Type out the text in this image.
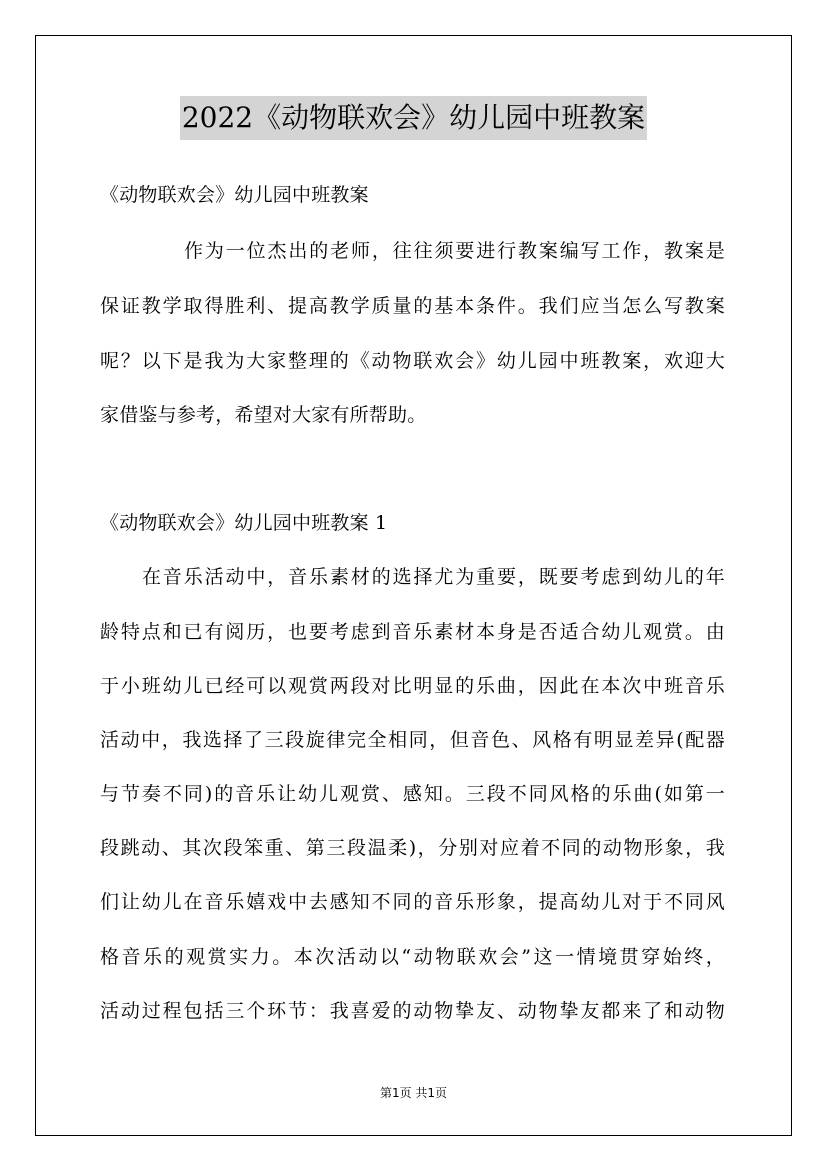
2022《动物联欢会》幼儿园中班教案
《动物联欢会》幼儿园中班教案
作为一位杰出的老师，往往须要进行教案编写工作，教案是
保证教学取得胜利、提高教学质量的基本条件。我们应当怎么写教案
呢？以下是我为大家整理的《动物联欢会》幼儿园中班教案，欢迎大
家借鉴与参考，希望对大家有所帮助。
《动物联欢会》幼儿园中班教案 1
在音乐活动中，音乐素材的选择尤为重要，既要考虑到幼儿的年
龄特点和已有阅历，也要考虑到音乐素材本身是否适合幼儿观赏。由
于小班幼儿已经可以观赏两段对比明显的乐曲，因此在本次中班音乐
活动中，我选择了三段旋律完全相同，但音色、风格有明显差异(配器
与节奏不同)的音乐让幼儿观赏、感知。三段不同风格的乐曲(如第一
段跳动、其次段笨重、第三段温柔)，分别对应着不同的动物形象，我
们让幼儿在音乐嬉戏中去感知不同的音乐形象，提高幼儿对于不同风
格音乐的观赏实力。本次活动以“动物联欢会”这一情境贯穿始终，
活动过程包括三个环节：我喜爱的动物挚友、动物挚友都来了和动物
第1页 共1页
